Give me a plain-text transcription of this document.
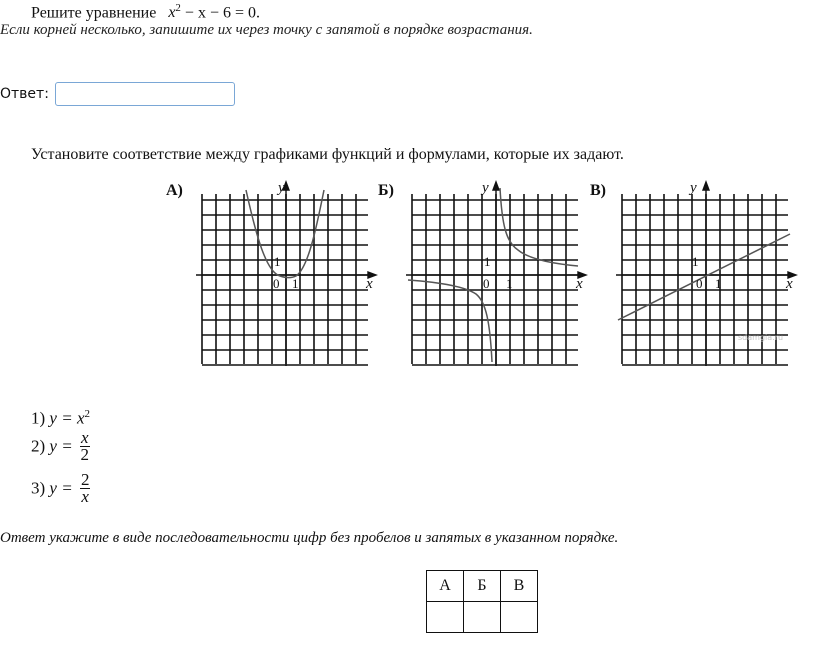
Решите уравнение $x^2 - x - 6 = 0$.
Если корней несколько, запишите их через точку с запятой в порядке возрастания.
Ответ:
Установите соответствие между графиками функций и формулами, которые их задают.
А)	y
x
0 1
1
Б)	y
x
0 1
1
В)	y
x
0 1
1
sdamgia.ru
1) $y = x^2$
2) $y = \frac{x}{2}$
3) $y = \frac{2}{x}$
Ответ укажите в виде последовательности цифр без пробелов и запятых в указанном порядке.
А	Б	В
